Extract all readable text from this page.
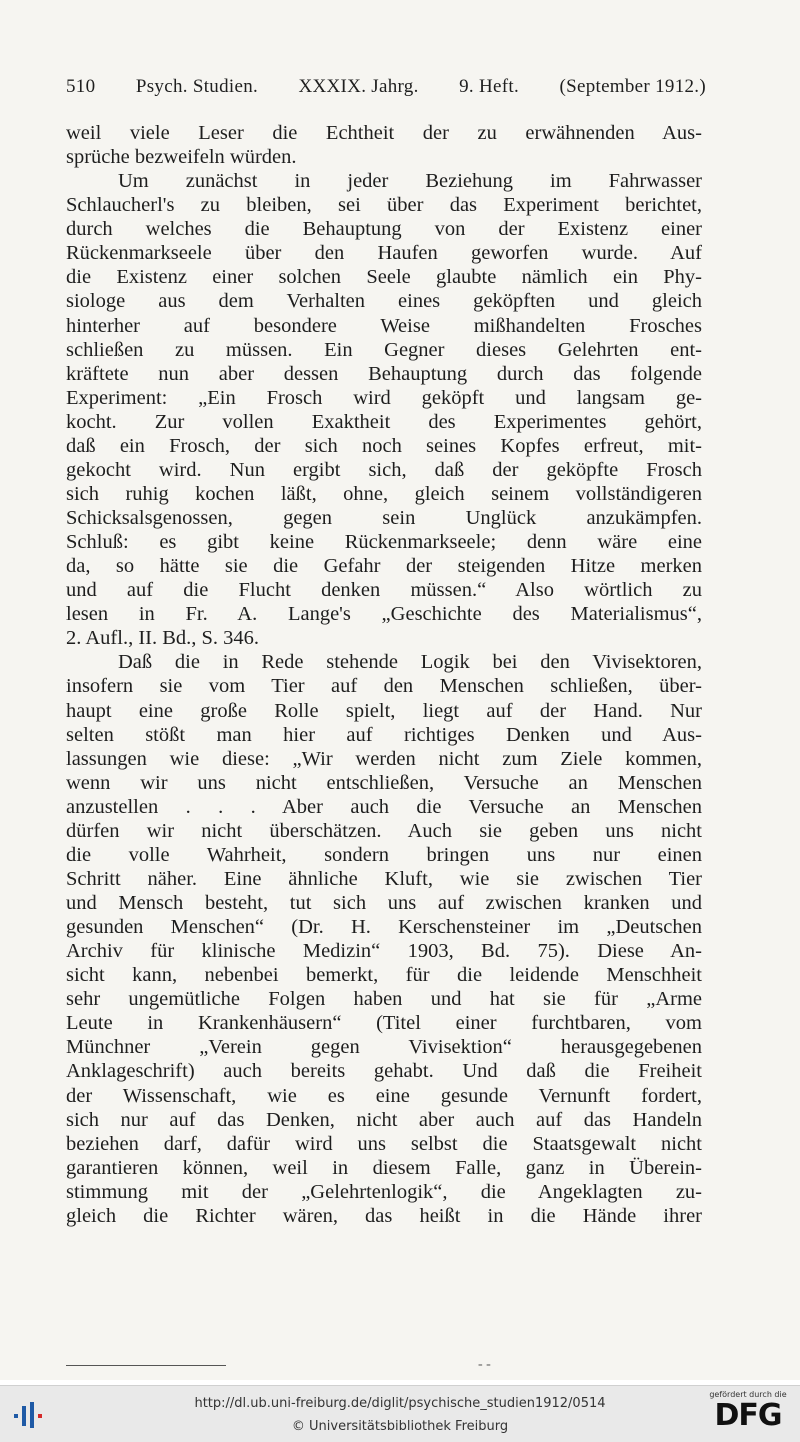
510 Psych. Studien. XXXIX. Jahrg. 9. Heft. (September 1912.)
weil viele Leser die Echtheit der zu erwähnenden Aus-
sprüche bezweifeln würden.
Um zunächst in jeder Beziehung im Fahrwasser
Schlaucherl's zu bleiben, sei über das Experiment berichtet,
durch welches die Behauptung von der Existenz einer
Rückenmarkseele über den Haufen geworfen wurde. Auf
die Existenz einer solchen Seele glaubte nämlich ein Phy-
siologe aus dem Verhalten eines geköpften und gleich
hinterher auf besondere Weise mißhandelten Frosches
schließen zu müssen. Ein Gegner dieses Gelehrten ent-
kräftete nun aber dessen Behauptung durch das folgende
Experiment: „Ein Frosch wird geköpft und langsam ge-
kocht. Zur vollen Exaktheit des Experimentes gehört,
daß ein Frosch, der sich noch seines Kopfes erfreut, mit-
gekocht wird. Nun ergibt sich, daß der geköpfte Frosch
sich ruhig kochen läßt, ohne, gleich seinem vollständigeren
Schicksalsgenossen, gegen sein Unglück anzukämpfen.
Schluß: es gibt keine Rückenmarkseele; denn wäre eine
da, so hätte sie die Gefahr der steigenden Hitze merken
und auf die Flucht denken müssen.“ Also wörtlich zu
lesen in Fr. A. Lange's „Geschichte des Materialismus“,
2. Aufl., II. Bd., S. 346.
Daß die in Rede stehende Logik bei den Vivisektoren,
insofern sie vom Tier auf den Menschen schließen, über-
haupt eine große Rolle spielt, liegt auf der Hand. Nur
selten stößt man hier auf richtiges Denken und Aus-
lassungen wie diese: „Wir werden nicht zum Ziele kommen,
wenn wir uns nicht entschließen, Versuche an Menschen
anzustellen . . . Aber auch die Versuche an Menschen
dürfen wir nicht überschätzen. Auch sie geben uns nicht
die volle Wahrheit, sondern bringen uns nur einen
Schritt näher. Eine ähnliche Kluft, wie sie zwischen Tier
und Mensch besteht, tut sich uns auf zwischen kranken und
gesunden Menschen“ (Dr. H. Kerschensteiner im „Deutschen
Archiv für klinische Medizin“ 1903, Bd. 75). Diese An-
sicht kann, nebenbei bemerkt, für die leidende Menschheit
sehr ungemütliche Folgen haben und hat sie für „Arme
Leute in Krankenhäusern“ (Titel einer furchtbaren, vom
Münchner „Verein gegen Vivisektion“ herausgegebenen
Anklageschrift) auch bereits gehabt. Und daß die Freiheit
der Wissenschaft, wie es eine gesunde Vernunft fordert,
sich nur auf das Denken, nicht aber auch auf das Handeln
beziehen darf, dafür wird uns selbst die Staatsgewalt nicht
garantieren können, weil in diesem Falle, ganz in Überein-
stimmung mit der „Gelehrtenlogik“, die Angeklagten zu-
gleich die Richter wären, das heißt in die Hände ihrer
- -
http://dl.ub.uni-freiburg.de/diglit/psychische_studien1912/0514
© Universitätsbibliothek Freiburg
gefördert durch die
DFG
